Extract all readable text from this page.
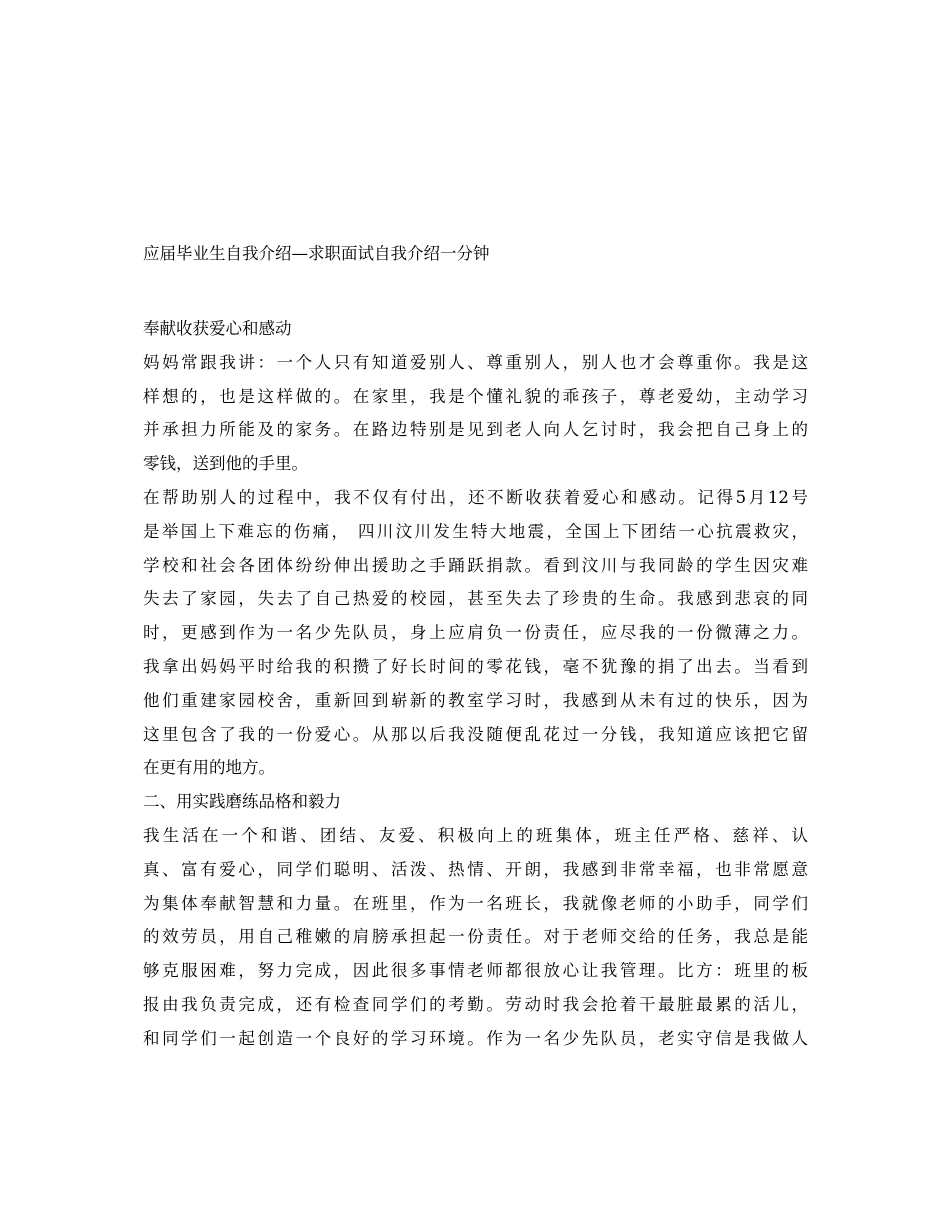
应届毕业生自我介绍—求职面试自我介绍一分钟
奉献收获爱心和感动
妈妈常跟我讲：一个人只有知道爱别人、尊重别人，别人也才会尊重你。我是这
样想的，也是这样做的。在家里，我是个懂礼貌的乖孩子，尊老爱幼，主动学习
并承担力所能及的家务。在路边特别是见到老人向人乞讨时，我会把自己身上的
零钱，送到他的手里。
在帮助别人的过程中，我不仅有付出，还不断收获着爱心和感动。记得5月12号
是举国上下难忘的伤痛， 四川汶川发生特大地震，全国上下团结一心抗震救灾，
学校和社会各团体纷纷伸出援助之手踊跃捐款。看到汶川与我同龄的学生因灾难
失去了家园，失去了自己热爱的校园，甚至失去了珍贵的生命。我感到悲哀的同
时，更感到作为一名少先队员，身上应肩负一份责任，应尽我的一份微薄之力。
我拿出妈妈平时给我的积攒了好长时间的零花钱，毫不犹豫的捐了出去。当看到
他们重建家园校舍，重新回到崭新的教室学习时，我感到从未有过的快乐，因为
这里包含了我的一份爱心。从那以后我没随便乱花过一分钱，我知道应该把它留
在更有用的地方。
二、用实践磨练品格和毅力
我生活在一个和谐、团结、友爱、积极向上的班集体，班主任严格、慈祥、认
真、富有爱心，同学们聪明、活泼、热情、开朗，我感到非常幸福，也非常愿意
为集体奉献智慧和力量。在班里，作为一名班长，我就像老师的小助手，同学们
的效劳员，用自己稚嫩的肩膀承担起一份责任。对于老师交给的任务，我总是能
够克服困难，努力完成，因此很多事情老师都很放心让我管理。比方：班里的板
报由我负责完成，还有检查同学们的考勤。劳动时我会抢着干最脏最累的活儿，
和同学们一起创造一个良好的学习环境。作为一名少先队员，老实守信是我做人
